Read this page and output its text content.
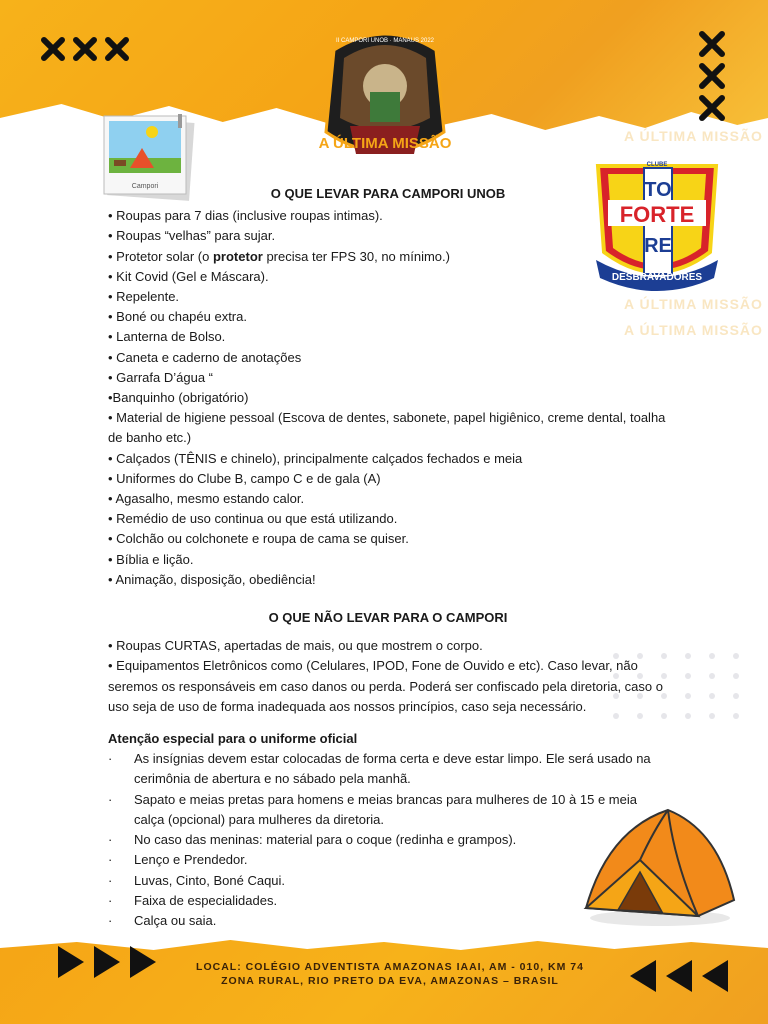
A ÚLTIMA MISSÃO
A ÚLTIMA MISSÃO
A ÚLTIMA MISSÃO
II CAMPORI UNOB · MANAUS 2022
A ÚLTIMA MISSÃO
Campori
CLUBE
TO
FORTE
RE
DESBRAVADORES
O QUE LEVAR PARA CAMPORI UNOB
• Roupas para 7 dias (inclusive roupas intimas).
• Roupas “velhas” para sujar.
• Protetor solar (o protetor precisa ter FPS 30, no mínimo.)
• Kit Covid (Gel e Máscara).
• Repelente.
• Boné ou chapéu extra.
• Lanterna de Bolso.
• Caneta e caderno de anotações
• Garrafa D’água “
•Banquinho (obrigatório)
• Material de higiene pessoal (Escova de dentes, sabonete, papel higiênico, creme dental, toalha de banho etc.)
• Calçados (TÊNIS e chinelo), principalmente calçados fechados e meia
• Uniformes do Clube B, campo C e de gala (A)
• Agasalho, mesmo estando calor.
• Remédio de uso continua ou que está utilizando.
• Colchão ou colchonete e roupa de cama se quiser.
• Bíblia e lição.
• Animação, disposição, obediência!
O QUE NÃO LEVAR PARA O CAMPORI
• Roupas CURTAS, apertadas de mais, ou que mostrem o corpo.
• Equipamentos Eletrônicos como (Celulares, IPOD, Fone de Ouvido e etc). Caso levar, não seremos os responsáveis em caso danos ou perda. Poderá ser confiscado pela diretoria, caso o uso seja de uso de forma inadequada aos nossos princípios, caso seja necessário.
Atenção especial para o uniforme oficial
·	As insígnias devem estar colocadas de forma certa e deve estar limpo. Ele será usado na cerimônia de abertura e no sábado pela manhã.
·	Sapato e meias pretas para homens e meias brancas para mulheres de 10 à 15 e meia calça (opcional) para mulheres da diretoria.
·	No caso das meninas: material para o coque (redinha e grampos).
·	Lenço e Prendedor.
·	Luvas, Cinto, Boné Caqui.
·	Faixa de especialidades.
·	Calça ou saia.
LOCAL: COLÉGIO ADVENTISTA AMAZONAS IAAI, AM - 010, KM 74
ZONA RURAL, RIO PRETO DA EVA, AMAZONAS – BRASIL
